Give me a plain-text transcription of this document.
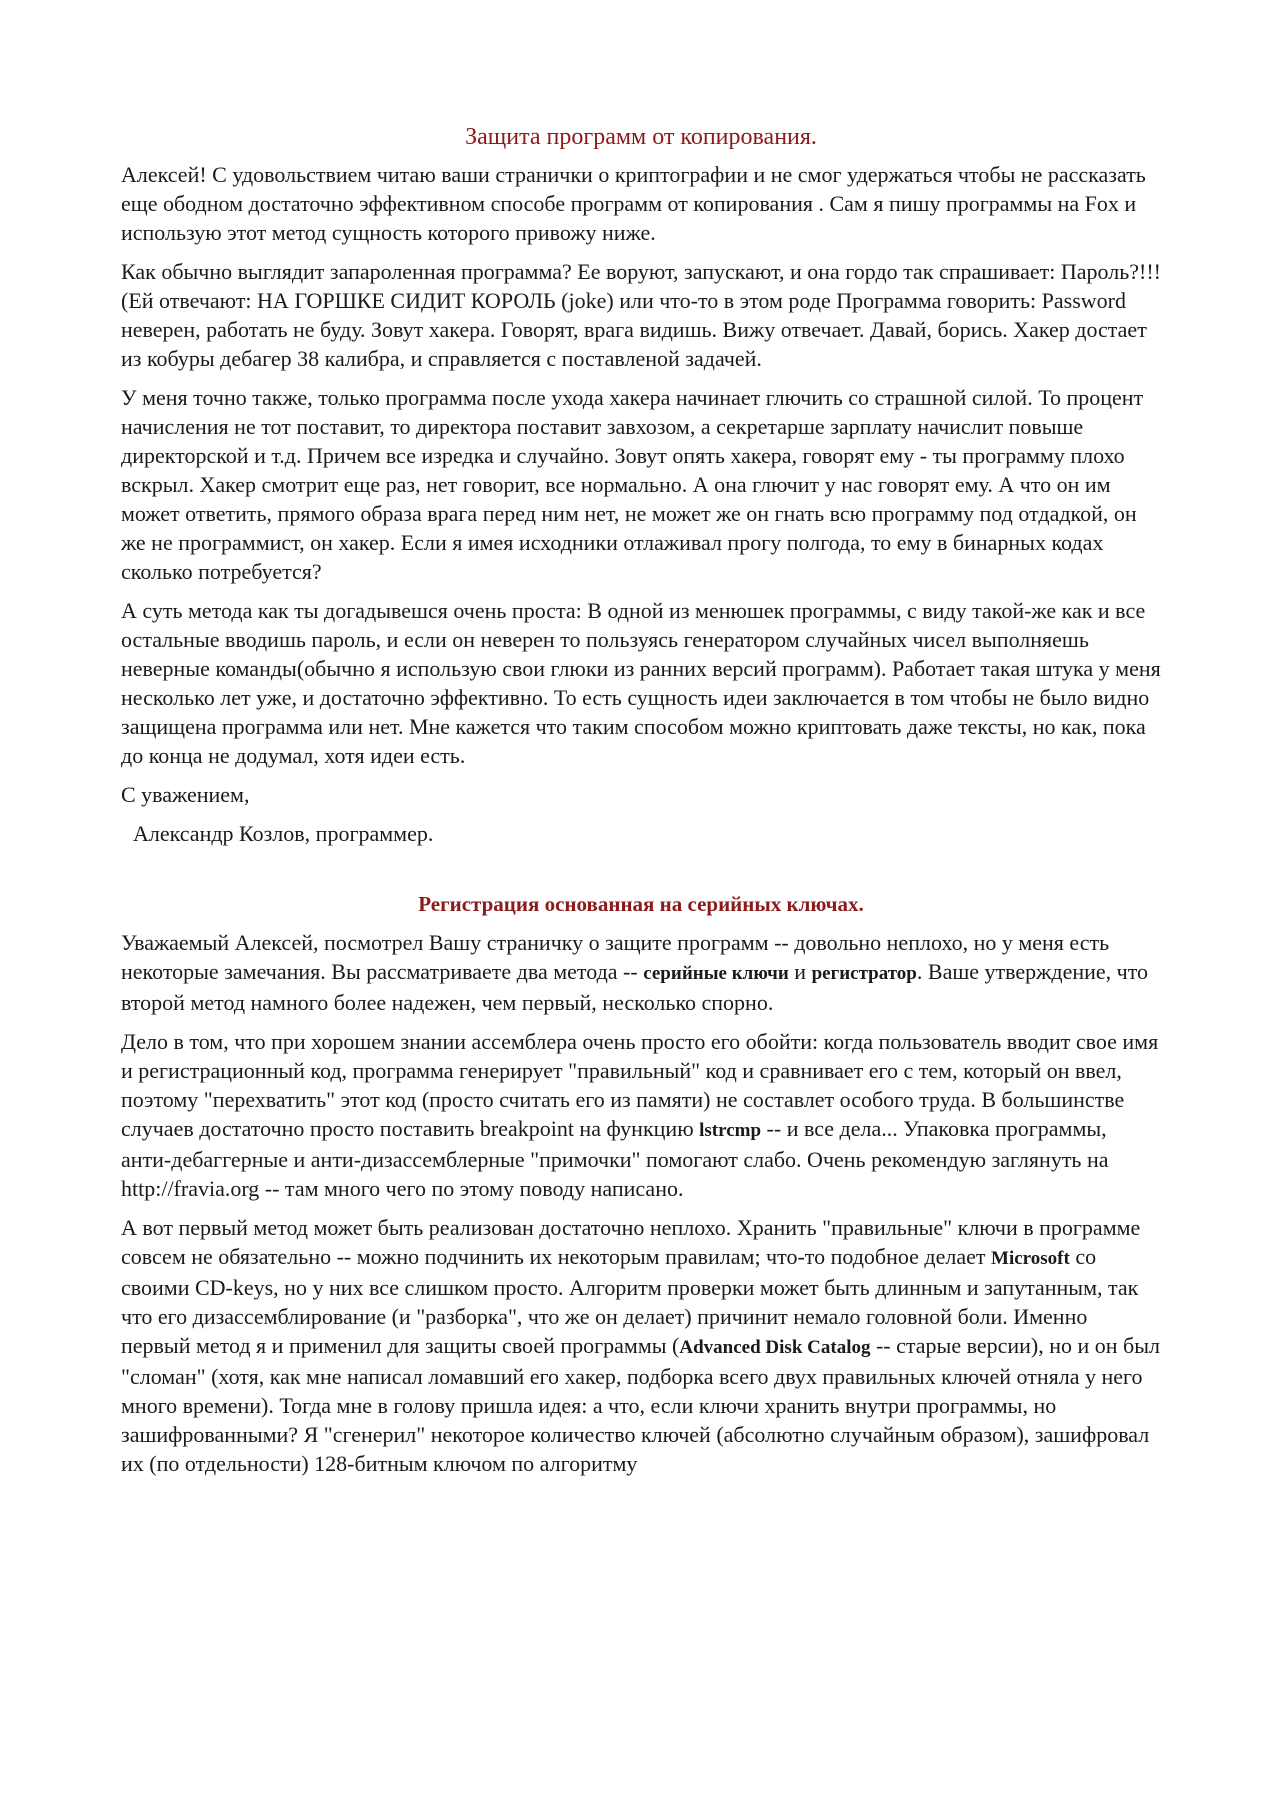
Защита программ от копирования.

Алексей! С удовольствием читаю ваши странички о криптографии и не смог удержаться чтобы не рассказать еще ободном достаточно эффективном способе программ от копирования . Сам я пишу программы на Fox и использую этот метод сущность которого привожу ниже.

Как обычно выглядит запароленная программа? Ее воруют, запускают, и она гордо так спрашивает: Пароль?!!! (Ей отвечают: НА ГОРШКЕ СИДИТ КОРОЛЬ (joke) или что-то в этом роде Программа говорить: Password неверен, работать не буду. Зовут хакера. Говорят, врага видишь. Вижу отвечает. Давай, борись. Хакер достает из кобуры дебагер 38 калибра, и справляется с поставленой задачей.

У меня точно также, только программа после ухода хакера начинает глючить со страшной силой. То процент начисления не тот поставит, то директора поставит завхозом, а секретарше зарплату начислит повыше директорской и т.д. Причем все изредка и случайно. Зовут опять хакера, говорят ему - ты программу плохо вскрыл. Хакер смотрит еще раз, нет говорит, все нормально. А она глючит у нас говорят ему. А что он им может ответить, прямого образа врага перед ним нет, не может же он гнать всю программу под отдадкой, он же не программист, он хакер. Если я имея исходники отлаживал прогу полгода, то ему в бинарных кодах сколько потребуется?

А суть метода как ты догадывешся очень проста: В одной из менюшек программы, с виду такой-же как и все остальные вводишь пароль, и если он неверен то пользуясь генератором случайных чисел выполняешь неверные команды(обычно я использую свои глюки из ранних версий программ). Работает такая штука у меня несколько лет уже, и достаточно эффективно. То есть сущность идеи заключается в том чтобы не было видно защищена программа или нет. Мне кажется что таким способом можно криптовать даже тексты, но как, пока до конца не додумал, хотя идеи есть.

С уважением,

Александр Козлов, программер.

Регистрация основанная на серийных ключах.

Уважаемый Алексей, посмотрел Вашу страничку о защите программ -- довольно неплохо, но у меня есть некоторые замечания. Вы рассматриваете два метода -- серийные ключи и регистратор. Ваше утверждение, что второй метод намного более надежен, чем первый, несколько спорно.

Дело в том, что при хорошем знании ассемблера очень просто его обойти: когда пользователь вводит свое имя и регистрационный код, программа генерирует "правильный" код и сравнивает его с тем, который он ввел, поэтому "перехватить" этот код (просто считать его из памяти) не составлет особого труда. В большинстве случаев достаточно просто поставить breakpoint на функцию lstrcmp -- и все дела... Упаковка программы, анти-дебаггерные и анти-дизассемблерные "примочки" помогают слабо. Очень рекомендую заглянуть на http://fravia.org -- там много чего по этому поводу написано.

А вот первый метод может быть реализован достаточно неплохо. Хранить "правильные" ключи в программе совсем не обязательно -- можно подчинить их некоторым правилам; что-то подобное делает Microsoft со своими CD-keys, но у них все слишком просто. Алгоритм проверки может быть длинным и запутанным, так что его дизассемблирование (и "разборка", что же он делает) причинит немало головной боли. Именно первый метод я и применил для защиты своей программы (Advanced Disk Catalog -- старые версии), но и он был "сломан" (хотя, как мне написал ломавший его хакер, подборка всего двух правильных ключей отняла у него много времени). Тогда мне в голову пришла идея: а что, если ключи хранить внутри программы, но зашифрованными? Я "сгенерил" некоторое количество ключей (абсолютно случайным образом), зашифровал их (по отдельности) 128-битным ключом по алгоритму
